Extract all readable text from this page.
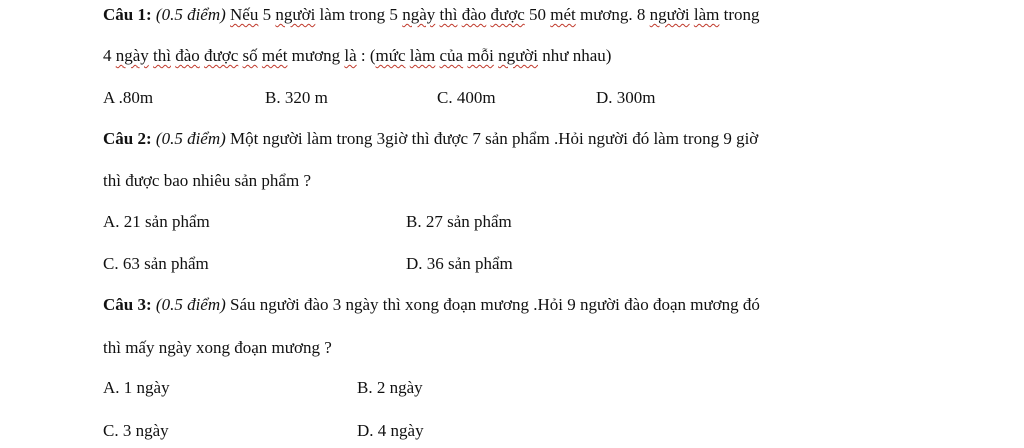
Câu 1: (0.5 điểm) Nếu 5 người làm trong 5 ngày thì đào được 50 mét mương. 8 người làm trong
4 ngày thì đào được số mét mương là : (mức làm của mỗi người như nhau)
A .80m	B. 320 m	C. 400m	D. 300m
Câu 2: (0.5 điểm) Một người làm trong 3giờ thì được 7 sản phẩm .Hỏi người đó làm trong 9 giờ
thì được bao nhiêu sản phẩm ?
A. 21 sản phẩm	B. 27 sản phẩm
C. 63 sản phẩm	D. 36 sản phẩm
Câu 3: (0.5 điểm) Sáu người đào 3 ngày thì xong đoạn mương .Hỏi 9 người đào đoạn mương đó
thì mấy ngày xong đoạn mương ?
A. 1 ngày	B. 2 ngày
C. 3 ngày	D. 4 ngày
